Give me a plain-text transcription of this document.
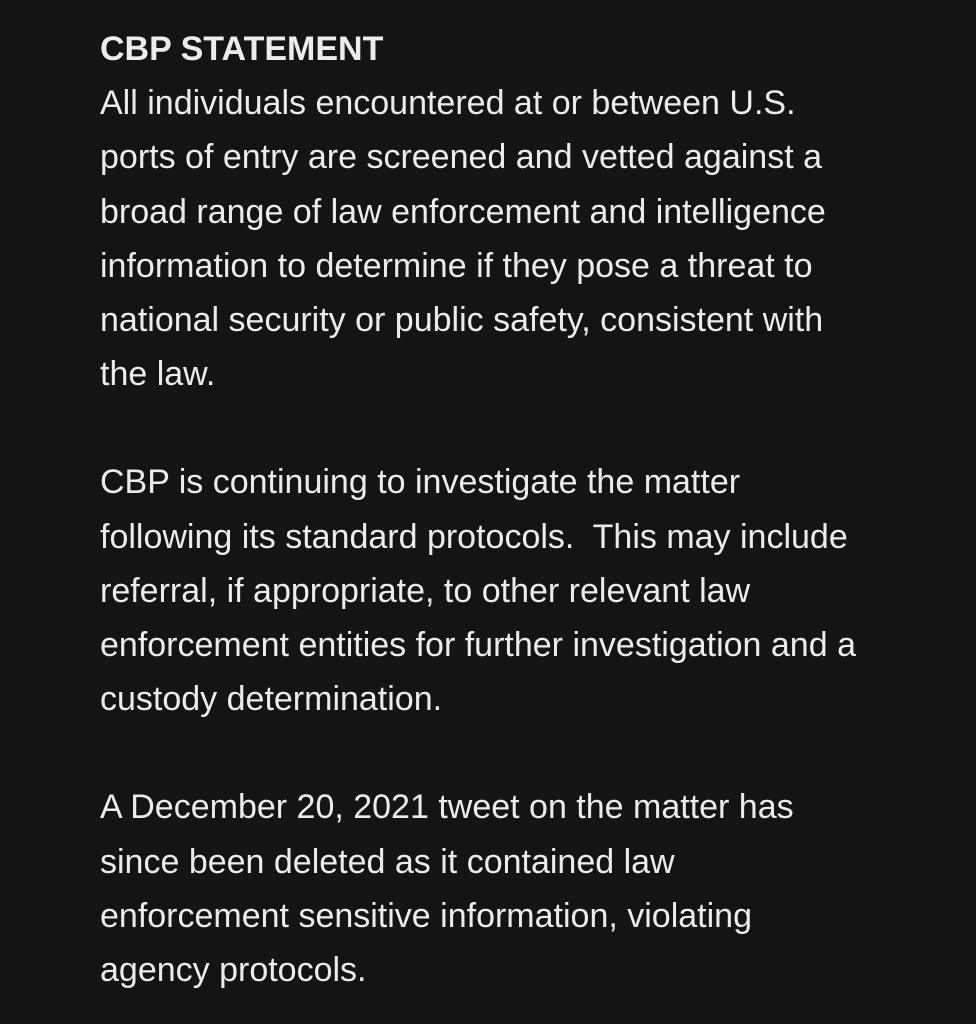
CBP STATEMENT

All individuals encountered at or between U.S.
ports of entry are screened and vetted against a
broad range of law enforcement and intelligence
information to determine if they pose a threat to
national security or public safety, consistent with
the law.

CBP is continuing to investigate the matter
following its standard protocols.  This may include
referral, if appropriate, to other relevant law
enforcement entities for further investigation and a
custody determination.

A December 20, 2021 tweet on the matter has
since been deleted as it contained law
enforcement sensitive information, violating
agency protocols.
